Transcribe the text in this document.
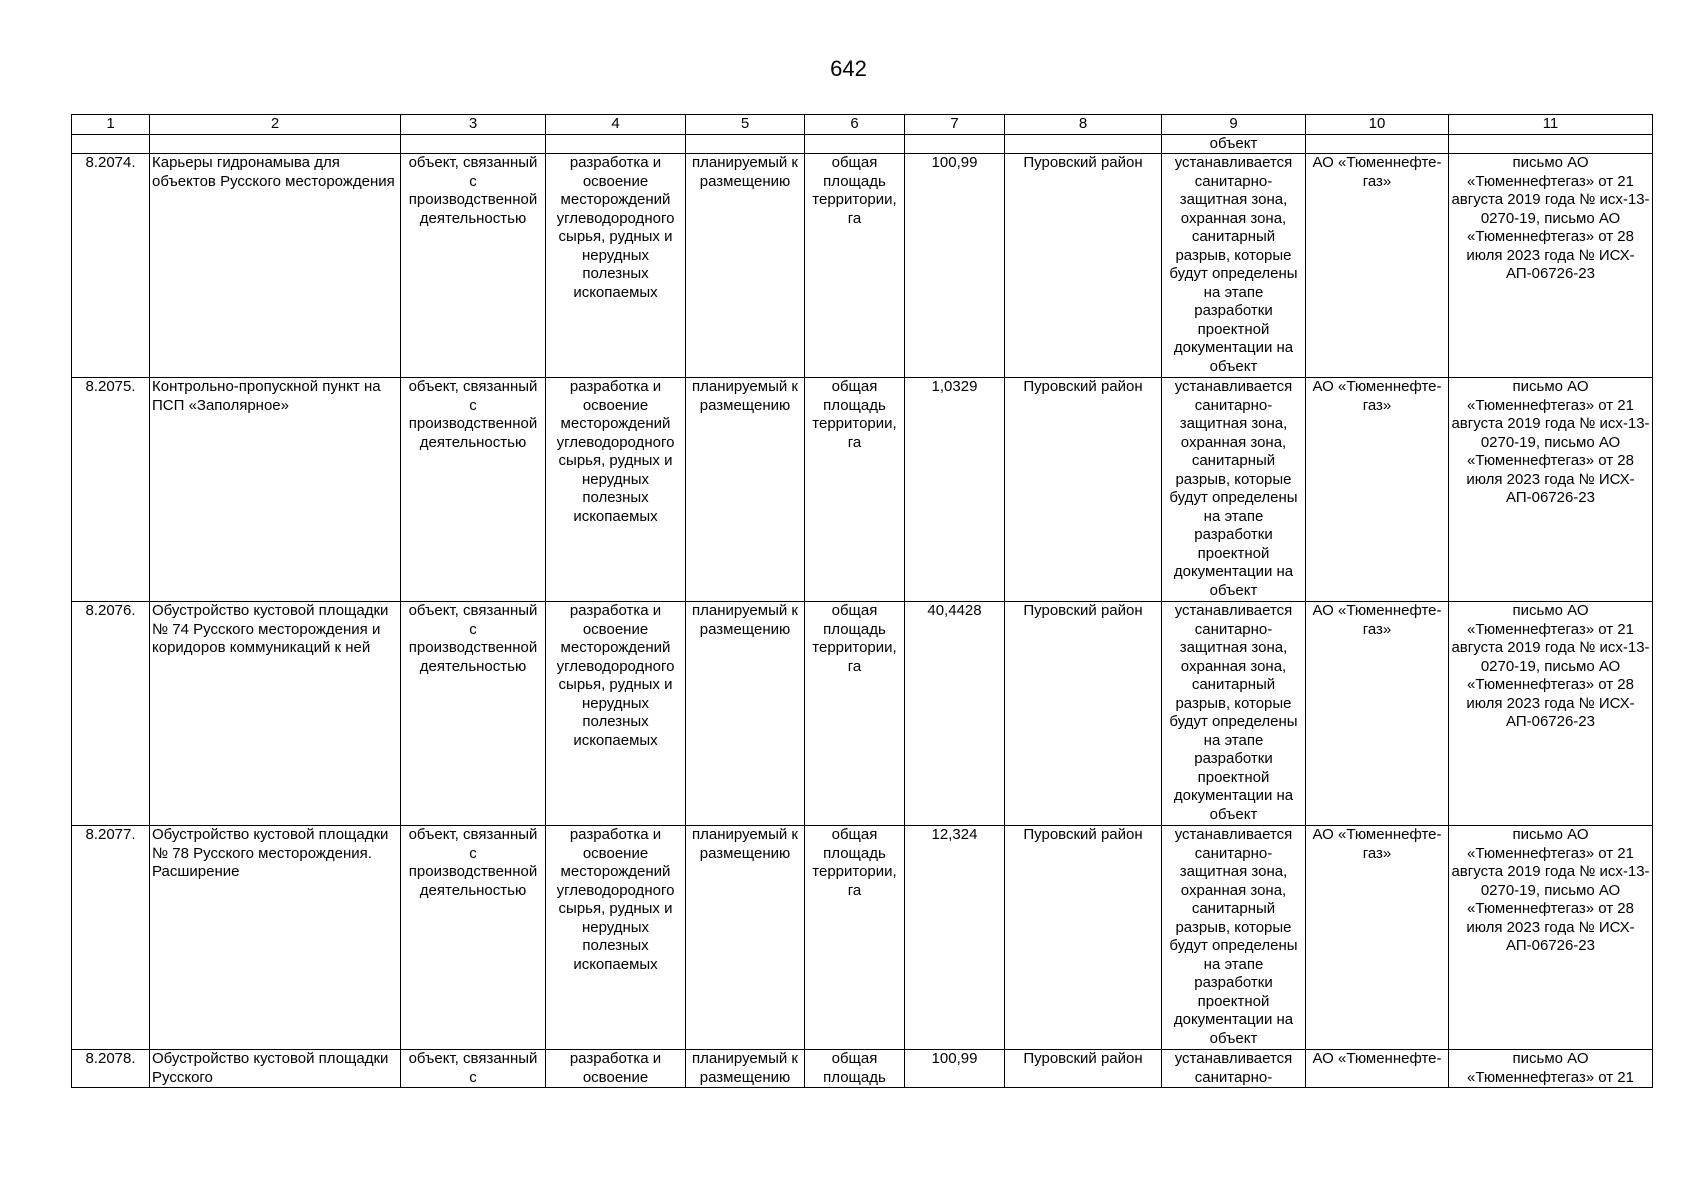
642
1	2	3	4	5	6	7	8	9	10	11
								объект		
8.2074.	Карьеры гидронамыва для объектов Русского месторождения	объект, связанный с производственной деятельностью	разработка и освоение месторождений углеводородного сырья, рудных и нерудных полезных ископаемых	планируемый к размещению	общая площадь территории, га	100,99	Пуровский район	устанавливается санитарно-защитная зона, охранная зона, санитарный разрыв, которые будут определены на этапе разработки проектной документации на объект	АО «Тюменнефте-газ»	письмо АО «Тюменнефтегаз» от 21 августа 2019 года № исх-13-0270-19, письмо АО «Тюменнефтегаз» от 28 июля 2023 года № ИСХ-АП-06726-23
8.2075.	Контрольно-пропускной пункт на ПСП «Заполярное»	объект, связанный с производственной деятельностью	разработка и освоение месторождений углеводородного сырья, рудных и нерудных полезных ископаемых	планируемый к размещению	общая площадь территории, га	1,0329	Пуровский район	устанавливается санитарно-защитная зона, охранная зона, санитарный разрыв, которые будут определены на этапе разработки проектной документации на объект	АО «Тюменнефте-газ»	письмо АО «Тюменнефтегаз» от 21 августа 2019 года № исх-13-0270-19, письмо АО «Тюменнефтегаз» от 28 июля 2023 года № ИСХ-АП-06726-23
8.2076.	Обустройство кустовой площадки № 74 Русского месторождения и коридоров коммуникаций к ней	объект, связанный с производственной деятельностью	разработка и освоение месторождений углеводородного сырья, рудных и нерудных полезных ископаемых	планируемый к размещению	общая площадь территории, га	40,4428	Пуровский район	устанавливается санитарно-защитная зона, охранная зона, санитарный разрыв, которые будут определены на этапе разработки проектной документации на объект	АО «Тюменнефте-газ»	письмо АО «Тюменнефтегаз» от 21 августа 2019 года № исх-13-0270-19, письмо АО «Тюменнефтегаз» от 28 июля 2023 года № ИСХ-АП-06726-23
8.2077.	Обустройство кустовой площадки № 78 Русского месторождения. Расширение	объект, связанный с производственной деятельностью	разработка и освоение месторождений углеводородного сырья, рудных и нерудных полезных ископаемых	планируемый к размещению	общая площадь территории, га	12,324	Пуровский район	устанавливается санитарно-защитная зона, охранная зона, санитарный разрыв, которые будут определены на этапе разработки проектной документации на объект	АО «Тюменнефте-газ»	письмо АО «Тюменнефтегаз» от 21 августа 2019 года № исх-13-0270-19, письмо АО «Тюменнефтегаз» от 28 июля 2023 года № ИСХ-АП-06726-23
8.2078.	Обустройство кустовой площадки Русского	объект, связанный с	разработка и освоение	планируемый к размещению	общая площадь	100,99	Пуровский район	устанавливается санитарно-	АО «Тюменнефте-	письмо АО «Тюменнефтегаз» от 21
